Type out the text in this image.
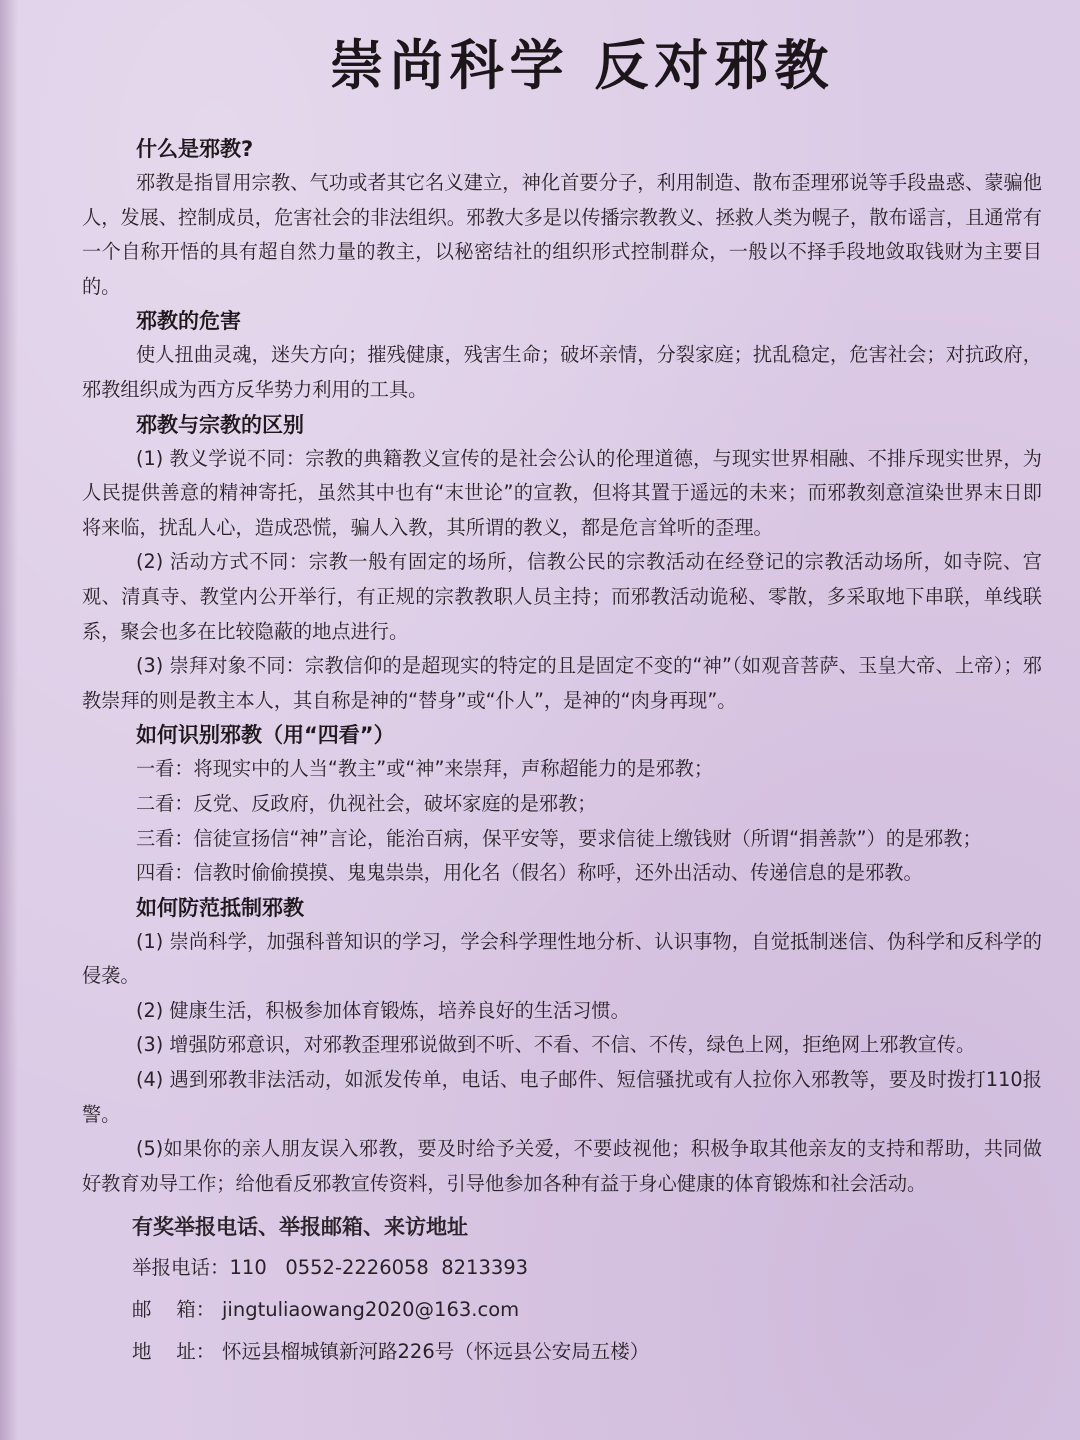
崇尚科学 反对邪教
什么是邪教?

邪教是指冒用宗教、气功或者其它名义建立，神化首要分子，利用制造、散布歪理邪说等手段蛊惑、蒙骗他人，发展、控制成员，危害社会的非法组织。邪教大多是以传播宗教教义、拯救人类为幌子，散布谣言，且通常有一个自称开悟的具有超自然力量的教主，以秘密结社的组织形式控制群众，一般以不择手段地敛取钱财为主要目的。

邪教的危害

使人扭曲灵魂，迷失方向；摧残健康，残害生命；破坏亲情，分裂家庭；扰乱稳定，危害社会；对抗政府，邪教组织成为西方反华势力利用的工具。

邪教与宗教的区别

(1) 教义学说不同：宗教的典籍教义宣传的是社会公认的伦理道德，与现实世界相融、不排斥现实世界，为人民提供善意的精神寄托，虽然其中也有“末世论”的宣教，但将其置于遥远的未来；而邪教刻意渲染世界末日即将来临，扰乱人心，造成恐慌，骗人入教，其所谓的教义，都是危言耸听的歪理。

(2) 活动方式不同：宗教一般有固定的场所，信教公民的宗教活动在经登记的宗教活动场所，如寺院、宫观、清真寺、教堂内公开举行，有正规的宗教教职人员主持；而邪教活动诡秘、零散，多采取地下串联，单线联系，聚会也多在比较隐蔽的地点进行。

(3) 崇拜对象不同：宗教信仰的是超现实的特定的且是固定不变的“神”（如观音菩萨、玉皇大帝、上帝）；邪教崇拜的则是教主本人，其自称是神的“替身”或“仆人”，是神的“肉身再现”。

如何识别邪教（用“四看”）

一看：将现实中的人当“教主”或“神”来崇拜，声称超能力的是邪教；

二看：反党、反政府，仇视社会，破坏家庭的是邪教；

三看：信徒宣扬信“神”言论，能治百病，保平安等，要求信徒上缴钱财（所谓“捐善款”）的是邪教；

四看：信教时偷偷摸摸、鬼鬼祟祟，用化名（假名）称呼，还外出活动、传递信息的是邪教。

如何防范抵制邪教

(1) 崇尚科学，加强科普知识的学习，学会科学理性地分析、认识事物，自觉抵制迷信、伪科学和反科学的侵袭。

(2) 健康生活，积极参加体育锻炼，培养良好的生活习惯。

(3) 增强防邪意识，对邪教歪理邪说做到不听、不看、不信、不传，绿色上网，拒绝网上邪教宣传。

(4) 遇到邪教非法活动，如派发传单，电话、电子邮件、短信骚扰或有人拉你入邪教等，要及时拨打110报警。

(5)如果你的亲人朋友误入邪教，要及时给予关爱，不要歧视他；积极争取其他亲友的支持和帮助，共同做好教育劝导工作；给他看反邪教宣传资料，引导他参加各种有益于身心健康的体育锻炼和社会活动。

有奖举报电话、举报邮箱、来访地址
举报电话：110   0552-2226058  8213393
邮    箱： jingtuliaowang2020@163.com
地    址： 怀远县榴城镇新河路226号（怀远县公安局五楼）
